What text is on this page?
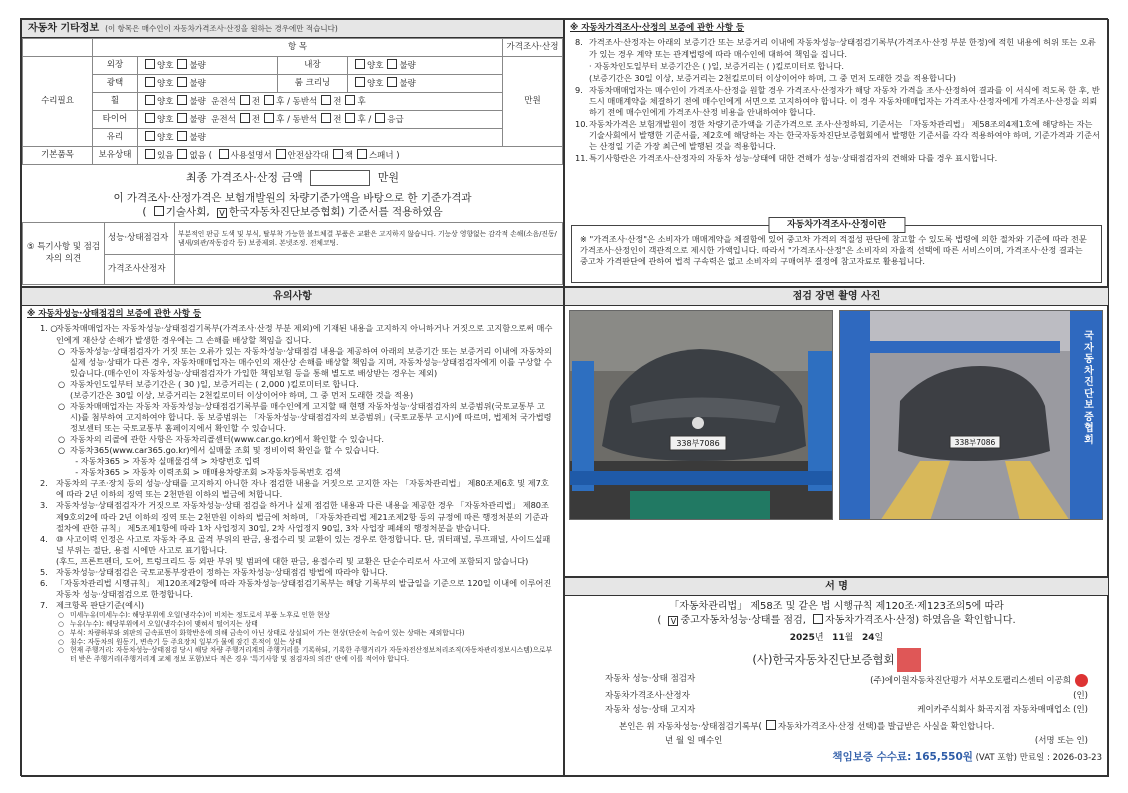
자동차 기타정보 (이 항목은 매수인이 자동차가격조사·산정을 원하는 경우에만 적습니다)
	항 목				가격조사·산정
수리필요	외장	양호 불량	내장	양호 불량	만원
	광택	양호 불량	룸 크리닝	양호 불량	
	휠	양호 불량 운전석 전 후 / 동반석 전 후			
	타이어	양호 불량 운전석 전 후 / 동반석 전 후 / 응급			
	유리	양호 불량			
기본품목	보유상태	있음 없음 ( 사용설명서 안전삼각대 잭 스패너 )			
최종 가격조사·산정 금액	만원
이 가격조사·산정가격은 보험개발원의 차량기준가액을 바탕으로 한 기준가격과
( 기술사회, V 한국자동차진단보증협회) 기준서를 적용하였음
⑤ 특기사항 및 점검자의 의견	성능·상태점검자	부분적인 판금 도색 및 부식, 탈부착 가능한 볼트체결 부품은 교환은 고지하지 않습니다. 기능상 영향없는 감각적 손해(소음/진동/냄새/외관/작동감각 등) 보증제외. 본넷조정. 전체코팅.
	가격조사산정자	
※ 자동차가격조사·산정의 보증에 관한 사항 등
8. 가격조사·산정자는 아래의 보증기간 또는 보증거리 이내에 자동차성능·상태점검기록부(가격조사·산정 부분 한정)에 적힌 내용에 허위 또는 오류가 있는 경우 계약 또는 관계법령에 따라 매수인에 대하여 책임을 집니다.
· 자동차인도일부터 보증기간은 ( )일, 보증거리는 ( )킬로미터로 합니다.
(보증기간은 30일 이상, 보증거리는 2천킬로미터 이상이어야 하며, 그 중 먼저 도래한 것을 적용합니다)
9. 자동차매매업자는 매수인이 가격조사·산정을 원할 경우 가격조사·산정자가 해당 자동차 가격을 조사·산정하여 결과를 이 서식에 적도록 한 후, 반드시 매매계약을 체결하기 전에 매수인에게 서면으로 고지하여야 합니다. 이 경우 자동차매매업자는 가격조사·산정자에게 가격조사·산정을 의뢰하기 전에 매수인에게 가격조사·산정 비용을 안내하여야 합니다.
10. 자동차가격은 보험개발원이 정한 차량기준가액을 기준가격으로 조사·산정하되, 기준서는 「자동차관리법」 제58조의4제1호에 해당하는 자는 기술사회에서 발행한 기준서를, 제2호에 해당하는 자는 한국자동차진단보증협회에서 발행한 기준서를 각각 적용하여야 하며, 기준가격과 기준서는 산정일 기준 가장 최근에 발행된 것을 적용합니다.
11. 특기사항란은 가격조사·산정자의 자동차 성능·상태에 대한 견해가 성능·상태점검자의 견해와 다를 경우 표시합니다.
자동차가격조사·산정이란
※ "가격조사·산정"은 소비자가 매매계약을 체결함에 있어 중고차 가격의 적절성 판단에 참고할 수 있도록 법령에 의한 절차와 기준에 따라 전문 가격조사·산정인이 객관적으로 제시한 가액입니다. 따라서 "가격조사·산정"은 소비자의 자율적 선택에 따른 서비스이며, 가격조사·산정 결과는 중고차 가격판단에 관하여 법적 구속력은 없고 소비자의 구매여부 결정에 참고자료로 활용됩니다.
유의사항
※ 자동차성능·상태점검의 보증에 관한 사항 등
1. ○
자동차매매업자는 자동차성능·상태점검기록부(가격조사·산정 부분 제외)에 기재된 내용을 고지하지 아니하거나 거짓으로 고지함으로써 매수인에게 재산상 손해가 발생한 경우에는 그 손해를 배상할 책임을 집니다.
○ 자동차성능·상태점검자가 거짓 또는 오류가 있는 자동차성능·상태점검 내용을 제공하여 아래의 보증기간 또는 보증거리 이내에 자동차의 실제 성능·상태가 다른 경우, 자동차매매업자는 매수인의 재산상 손해를 배상할 책임을 지며, 자동차성능·상태점검자에게 이를 구상할 수 있습니다.(매수인이 자동차성능·상태점검자가 가입한 책임보험 등을 통해 별도로 배상받는 경우는 제외)
○ 자동차인도일부터 보증기간은 ( 30 )일, 보증거리는 ( 2,000 )킬로미터로 합니다.
(보증기간은 30일 이상, 보증거리는 2천킬로미터 이상이어야 하며, 그 중 먼저 도래한 것을 적용)
○ 자동차매매업자는 자동차 자동차성능·상태점검기록부를 매수인에게 고지할 때 현행 자동차성능·상태점검자의 보증범위(국토교통부 고시)를 첨부하여 고지하여야 합니다. 동 보증범위는 「자동차성능·상태점검자의 보증범위」(국토교통부 고시)에 따르며, 법제처 국가법령정보센터 또는 국토교통부 홈페이지에서 확인할 수 있습니다.
○ 자동차의 리콜에 관한 사항은 자동차리콜센터(www.car.go.kr)에서 확인할 수 있습니다.
○ 자동차365(www.car365.go.kr)에서 실매물 조회 및 정비이력 확인을 할 수 있습니다.
- 자동차365 > 자동차 실매물검색 > 차량번호 입력
- 자동차365 > 자동차 이력조회 > 매매용차량조회 >자동차등록번호 검색
2. 자동차의 구조·장치 등의 성능·상태를 고지하지 아니한 자나 점검한 내용을 거짓으로 고지한 자는 「자동차관리법」 제80조제6호 및 제7호에 따라 2년 이하의 징역 또는 2천만원 이하의 벌금에 처합니다.
3. 자동차성능·상태점검자가 거짓으로 자동차성능·상태 점검을 하거나 실제 점검한 내용과 다른 내용을 제공한 경우 「자동차관리법」 제80조제9호의2에 따라 2년 이하의 징역 또는 2천만원 이하의 벌금에 처하며, 「자동차관리법 제21조제2항 등의 규정에 따른 행정처분의 기준과 절차에 관한 규칙」 제5조제1항에 따라 1차 사업정지 30일, 2차 사업정지 90일, 3차 사업장 폐쇄의 행정처분을 받습니다.
4. ⑩ 사고이력 인정은 사고로 자동차 주요 골격 부위의 판금, 용접수리 및 교환이 있는 경우로 한정합니다. 단, 쿼터패널, 루프패널, 사이드실패널 부위는 절단, 용접 시에만 사고로 표기합니다.
(후드, 프론트펜더, 도어, 트렁크리드 등 외판 부위 및 범퍼에 대한 판금, 용접수리 및 교환은 단순수리로서 사고에 포함되지 않습니다)
5. 자동차성능·상태점검은 국토교통부장관이 정하는 자동차성능·상태점검 방법에 따라야 합니다.
6. 「자동차관리법 시행규칙」 제120조제2항에 따라 자동차성능·상태점검기록부는 해당 기록부의 발급일을 기준으로 120일 이내에 이루어진 자동차 성능·상태점검으로 한정합니다.
7. 제크항목 판단기준(예시)
○ 미세누유(미세누수): 해당부위에 오일(냉각수)이 비치는 정도로서 부품 노후로 인한 현상
○ 누유(누수): 해당부위에서 오일(냉각수)이 맺혀서 떨어지는 상태
○ 부식: 차량하부와 외판의 금속표면이 화학반응에 의해 금속이 아닌 상태로 상실되어 가는 현상(단순히 녹슬어 있는 상태는 제외합니다)
○ 침수: 자동차의 원동기, 변속기 등 주요장치 일부가 물에 잠긴 흔적이 있는 상태
○ 현재 주행거리: 자동차성능·상태점검 당시 해당 차량 주행거리계의 주행거리를 기록하되, 기록한 주행거리가 자동차전산정보처리조직(자동차관리정보시스템)으로부터 받은 주행거리(주행거리계 교체 정보 포함)보다 적은 경우 '특기사항 및 점검자의 의견' 란에 이를 적어야 합니다.
점검 장면 촬영 사진
338부7086	338부7086
국자동차진단보증협회
서 명
「자동차관리법」 제58조 및 같은 법 시행규칙 제120조·제123조의5에 따라
( V중고자동차성능·상태를 점검, 자동차가격조사·산정) 하였음을 확인합니다.
2025년 11월 24일
(사)한국자동차진단보증협회
자동차 성능·상태 점검자	(주)에이원자동차진단평가 서부오토팰리스센터 이공희
자동차가격조사·산정자	(인)
자동차 성능·상태 고지자	케이카주식회사 화곡지점 자동차매매업소 (인)
본인은 위 자동차성능·상태점검기록부( 자동차가격조사·산정 선택)를 발급받은 사실을 확인합니다.
년 월 일 매수인	(서명 또는 인)
책임보증 수수료: 165,550원 (VAT 포함) 만료일 : 2026-03-23
